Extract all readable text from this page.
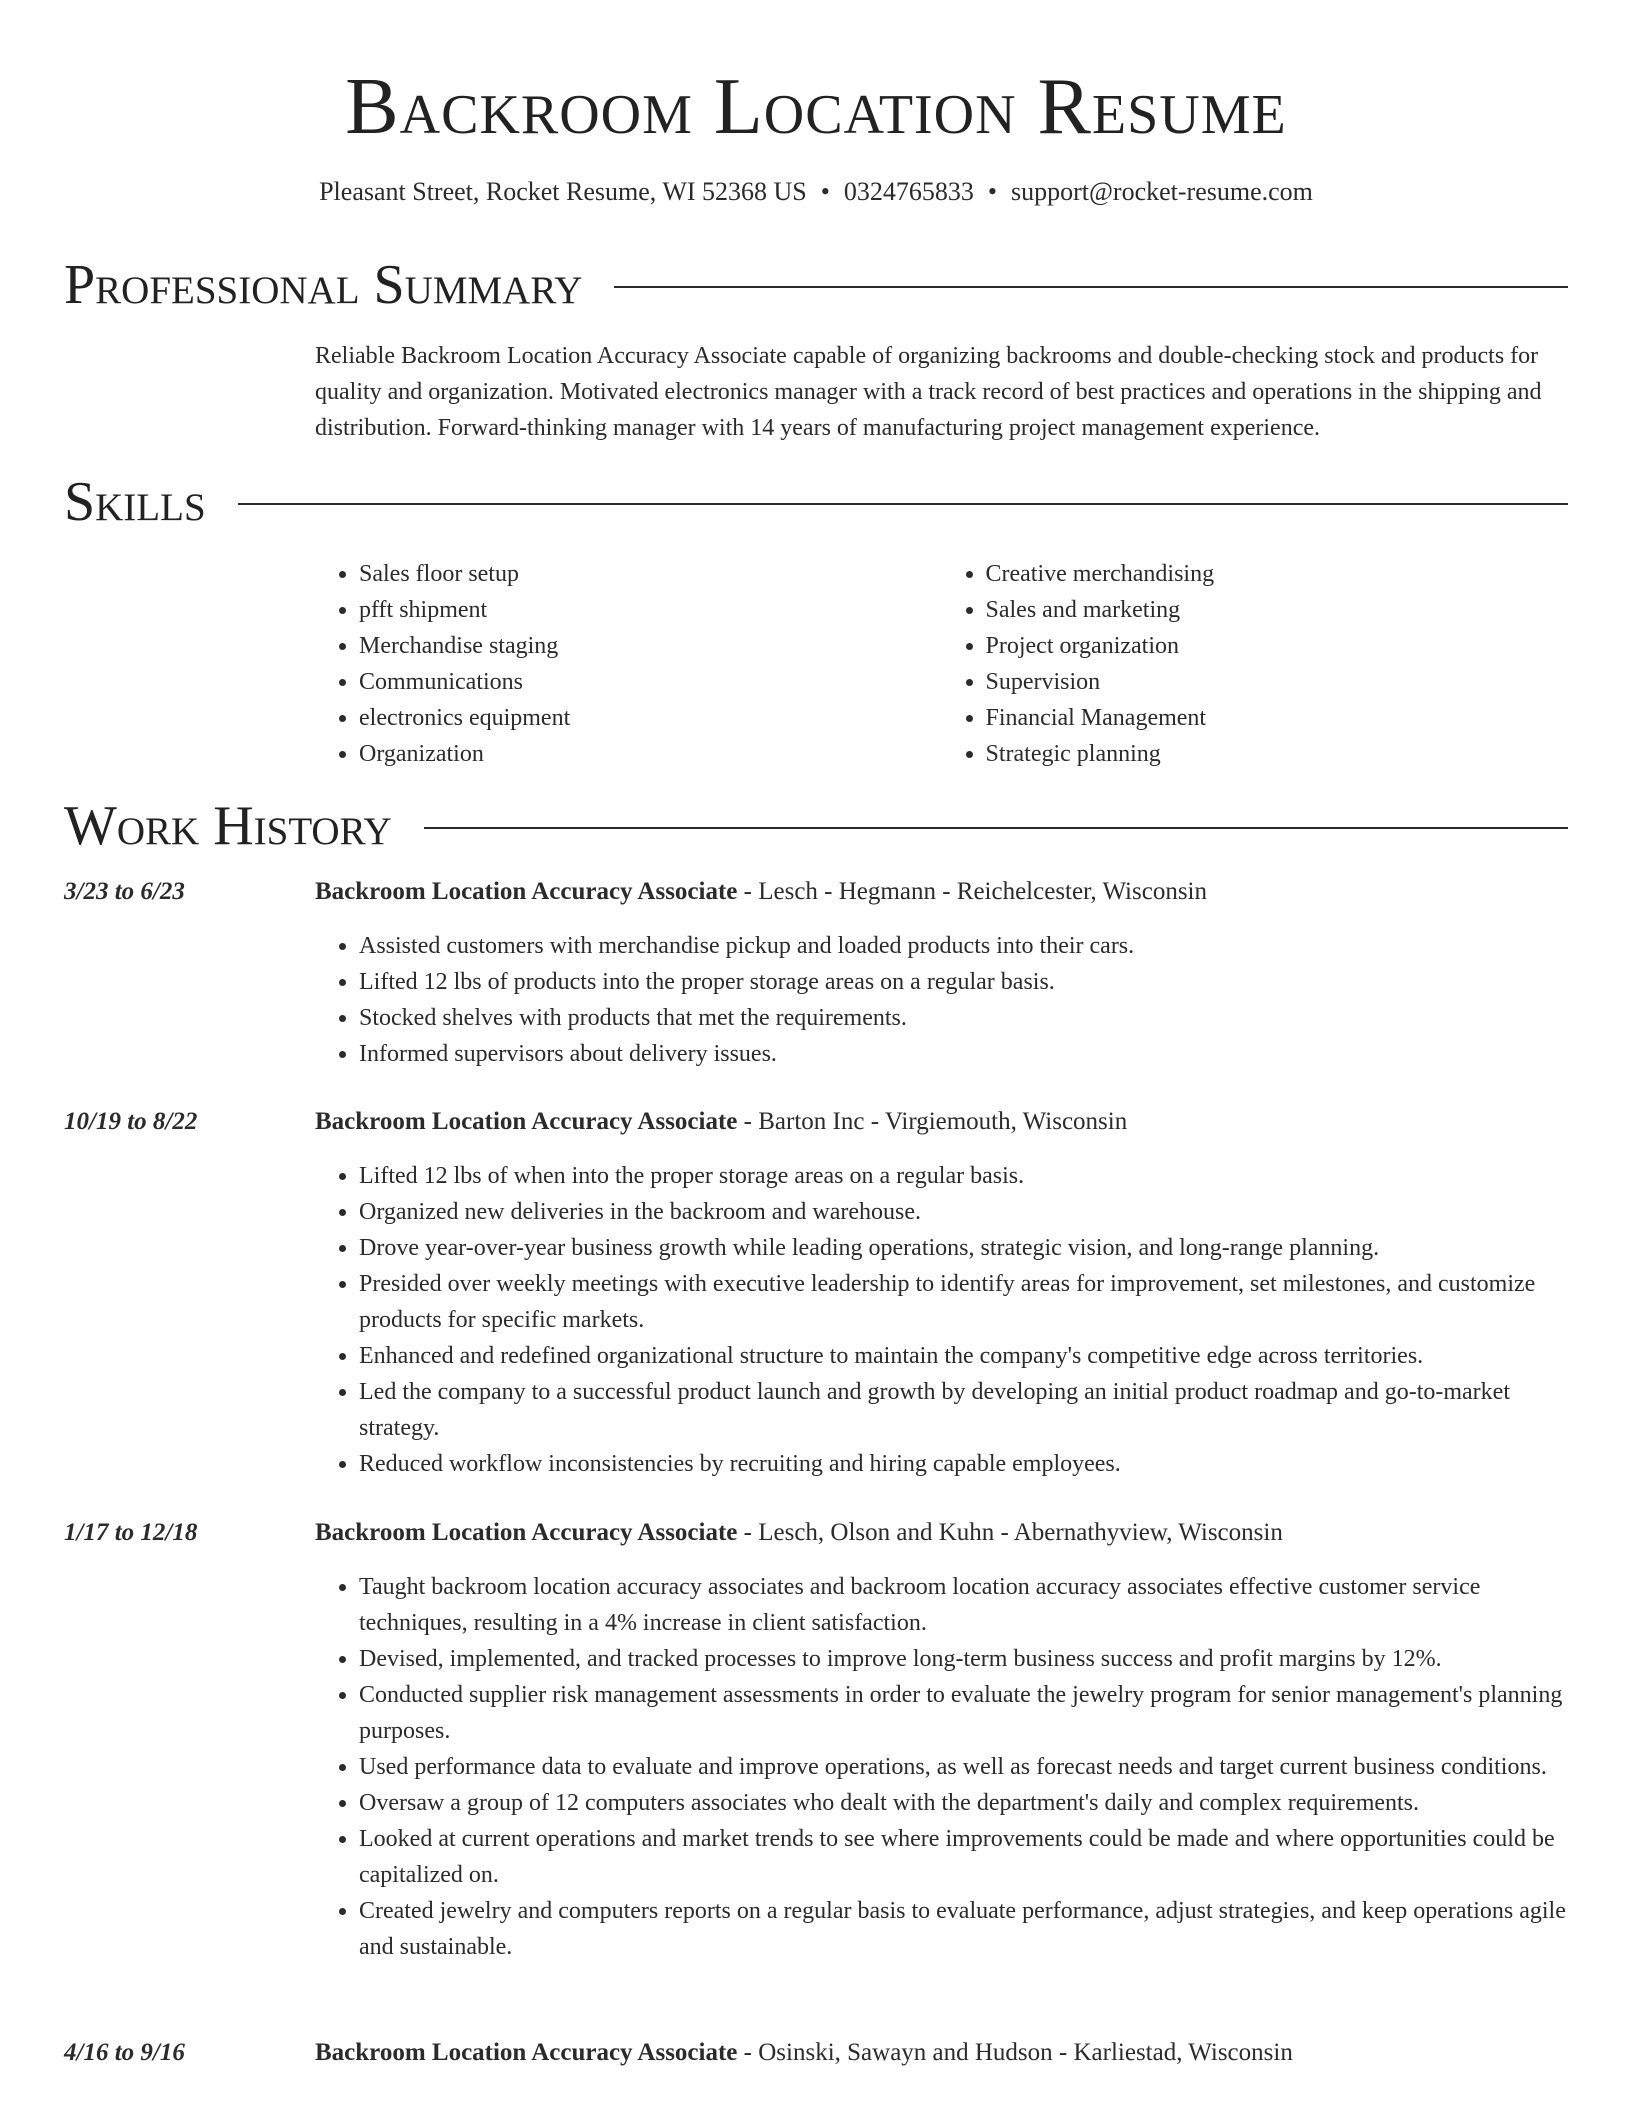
Backroom Location Resume
Pleasant Street, Rocket Resume, WI 52368 US • 0324765833 • support@rocket-resume.com
Professional Summary
Reliable Backroom Location Accuracy Associate capable of organizing backrooms and double-checking stock and products for quality and organization. Motivated electronics manager with a track record of best practices and operations in the shipping and distribution. Forward-thinking manager with 14 years of manufacturing project management experience.
Skills
• Sales floor setup
• pfft shipment
• Merchandise staging
• Communications
• electronics equipment
• Organization
• Creative merchandising
• Sales and marketing
• Project organization
• Supervision
• Financial Management
• Strategic planning
Work History
3/23 to 6/23	Backroom Location Accuracy Associate - Lesch - Hegmann - Reichelcester, Wisconsin
• Assisted customers with merchandise pickup and loaded products into their cars.
• Lifted 12 lbs of products into the proper storage areas on a regular basis.
• Stocked shelves with products that met the requirements.
• Informed supervisors about delivery issues.
10/19 to 8/22	Backroom Location Accuracy Associate - Barton Inc - Virgiemouth, Wisconsin
• Lifted 12 lbs of when into the proper storage areas on a regular basis.
• Organized new deliveries in the backroom and warehouse.
• Drove year-over-year business growth while leading operations, strategic vision, and long-range planning.
• Presided over weekly meetings with executive leadership to identify areas for improvement, set milestones, and customize products for specific markets.
• Enhanced and redefined organizational structure to maintain the company's competitive edge across territories.
• Led the company to a successful product launch and growth by developing an initial product roadmap and go-to-market strategy.
• Reduced workflow inconsistencies by recruiting and hiring capable employees.
1/17 to 12/18	Backroom Location Accuracy Associate - Lesch, Olson and Kuhn - Abernathyview, Wisconsin
• Taught backroom location accuracy associates and backroom location accuracy associates effective customer service techniques, resulting in a 4% increase in client satisfaction.
• Devised, implemented, and tracked processes to improve long-term business success and profit margins by 12%.
• Conducted supplier risk management assessments in order to evaluate the jewelry program for senior management's planning purposes.
• Used performance data to evaluate and improve operations, as well as forecast needs and target current business conditions.
• Oversaw a group of 12 computers associates who dealt with the department's daily and complex requirements.
• Looked at current operations and market trends to see where improvements could be made and where opportunities could be capitalized on.
• Created jewelry and computers reports on a regular basis to evaluate performance, adjust strategies, and keep operations agile and sustainable.
4/16 to 9/16	Backroom Location Accuracy Associate - Osinski, Sawayn and Hudson - Karliestad, Wisconsin
